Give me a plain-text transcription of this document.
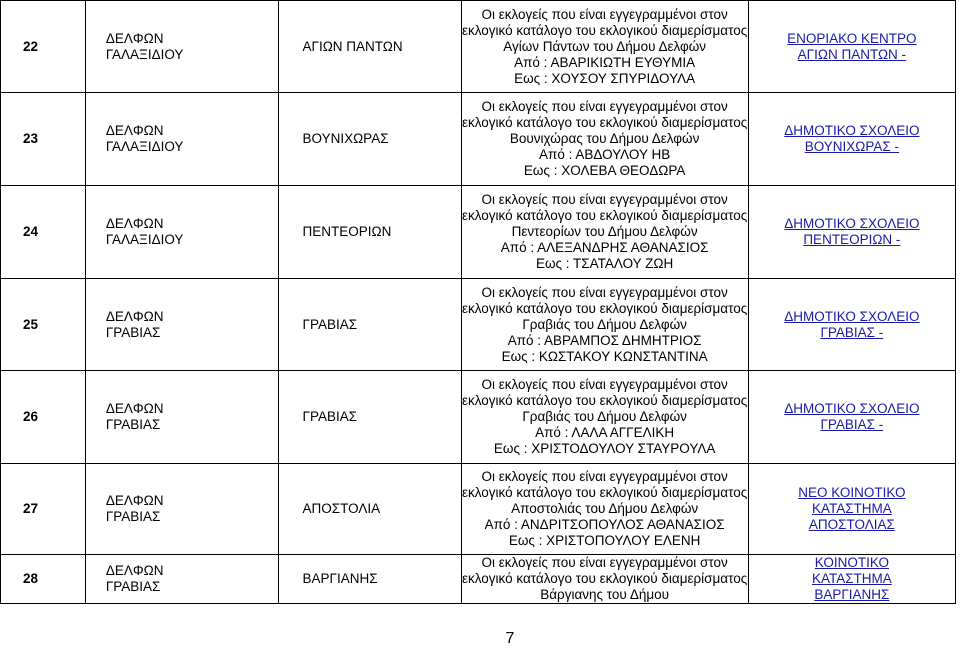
22	ΔΕΛΦΩΝ
ΓΑΛΑΞΙΔΙΟΥ	ΑΓΙΩΝ ΠΑΝΤΩΝ	Οι εκλογείς που είναι εγγεγραμμένοι στον εκλογικό κατάλογο του εκλογικού διαμερίσματος Αγίων Πάντων του Δήμου Δελφών
Από : ΑΒΑΡΙΚΙΩΤΗ ΕΥΘΥΜΙΑ
Εως : ΧΟΥΣΟΥ ΣΠΥΡΙΔΟΥΛΑ	ΕΝΟΡΙΑΚΟ ΚΕΝΤΡΟ
ΑΓΙΩΝ ΠΑΝΤΩΝ -

23	ΔΕΛΦΩΝ
ΓΑΛΑΞΙΔΙΟΥ	ΒΟΥΝΙΧΩΡΑΣ	Οι εκλογείς που είναι εγγεγραμμένοι στον εκλογικό κατάλογο του εκλογικού διαμερίσματος Βουνιχώρας του Δήμου Δελφών
Από : ΑΒΔΟΥΛΟΥ ΗΒ
Εως : ΧΟΛΕΒΑ ΘΕΟΔΩΡΑ	ΔΗΜΟΤΙΚΟ ΣΧΟΛΕΙΟ
ΒΟΥΝΙΧΩΡΑΣ -

24	ΔΕΛΦΩΝ
ΓΑΛΑΞΙΔΙΟΥ	ΠΕΝΤΕΟΡΙΩΝ	Οι εκλογείς που είναι εγγεγραμμένοι στον εκλογικό κατάλογο του εκλογικού διαμερίσματος Πεντεορίων του Δήμου Δελφών
Από : ΑΛΕΞΑΝΔΡΗΣ ΑΘΑΝΑΣΙΟΣ
Εως : ΤΣΑΤΑΛΟΥ ΖΩΗ	ΔΗΜΟΤΙΚΟ ΣΧΟΛΕΙΟ
ΠΕΝΤΕΟΡΙΩΝ -

25	ΔΕΛΦΩΝ
ΓΡΑΒΙΑΣ	ΓΡΑΒΙΑΣ	Οι εκλογείς που είναι εγγεγραμμένοι στον εκλογικό κατάλογο του εκλογικού διαμερίσματος Γραβιάς του Δήμου Δελφών
Από : ΑΒΡΑΜΠΟΣ ΔΗΜΗΤΡΙΟΣ
Εως : ΚΩΣΤΑΚΟΥ ΚΩΝΣΤΑΝΤΙΝΑ	ΔΗΜΟΤΙΚΟ ΣΧΟΛΕΙΟ
ΓΡΑΒΙΑΣ -

26	ΔΕΛΦΩΝ
ΓΡΑΒΙΑΣ	ΓΡΑΒΙΑΣ	Οι εκλογείς που είναι εγγεγραμμένοι στον εκλογικό κατάλογο του εκλογικού διαμερίσματος Γραβιάς του Δήμου Δελφών
Από : ΛΑΛΑ ΑΓΓΕΛΙΚΗ
Εως : ΧΡΙΣΤΟΔΟΥΛΟΥ ΣΤΑΥΡΟΥΛΑ	ΔΗΜΟΤΙΚΟ ΣΧΟΛΕΙΟ
ΓΡΑΒΙΑΣ -

27	ΔΕΛΦΩΝ
ΓΡΑΒΙΑΣ	ΑΠΟΣΤΟΛΙΑ	Οι εκλογείς που είναι εγγεγραμμένοι στον εκλογικό κατάλογο του εκλογικού διαμερίσματος Αποστολιάς του Δήμου Δελφών
Από : ΑΝΔΡΙΤΣΟΠΟΥΛΟΣ ΑΘΑΝΑΣΙΟΣ
Εως : ΧΡΙΣΤΟΠΟΥΛΟΥ ΕΛΕΝΗ	ΝΕΟ ΚΟΙΝΟΤΙΚΟ
ΚΑΤΑΣΤΗΜΑ
ΑΠΟΣΤΟΛΙΑΣ

28	ΔΕΛΦΩΝ
ΓΡΑΒΙΑΣ	ΒΑΡΓΙΑΝΗΣ	Οι εκλογείς που είναι εγγεγραμμένοι στον εκλογικό κατάλογο του εκλογικού διαμερίσματος Βάργιανης του Δήμου	ΚΟΙΝΟΤΙΚΟ
ΚΑΤΑΣΤΗΜΑ
ΒΑΡΓΙΑΝΗΣ
7
